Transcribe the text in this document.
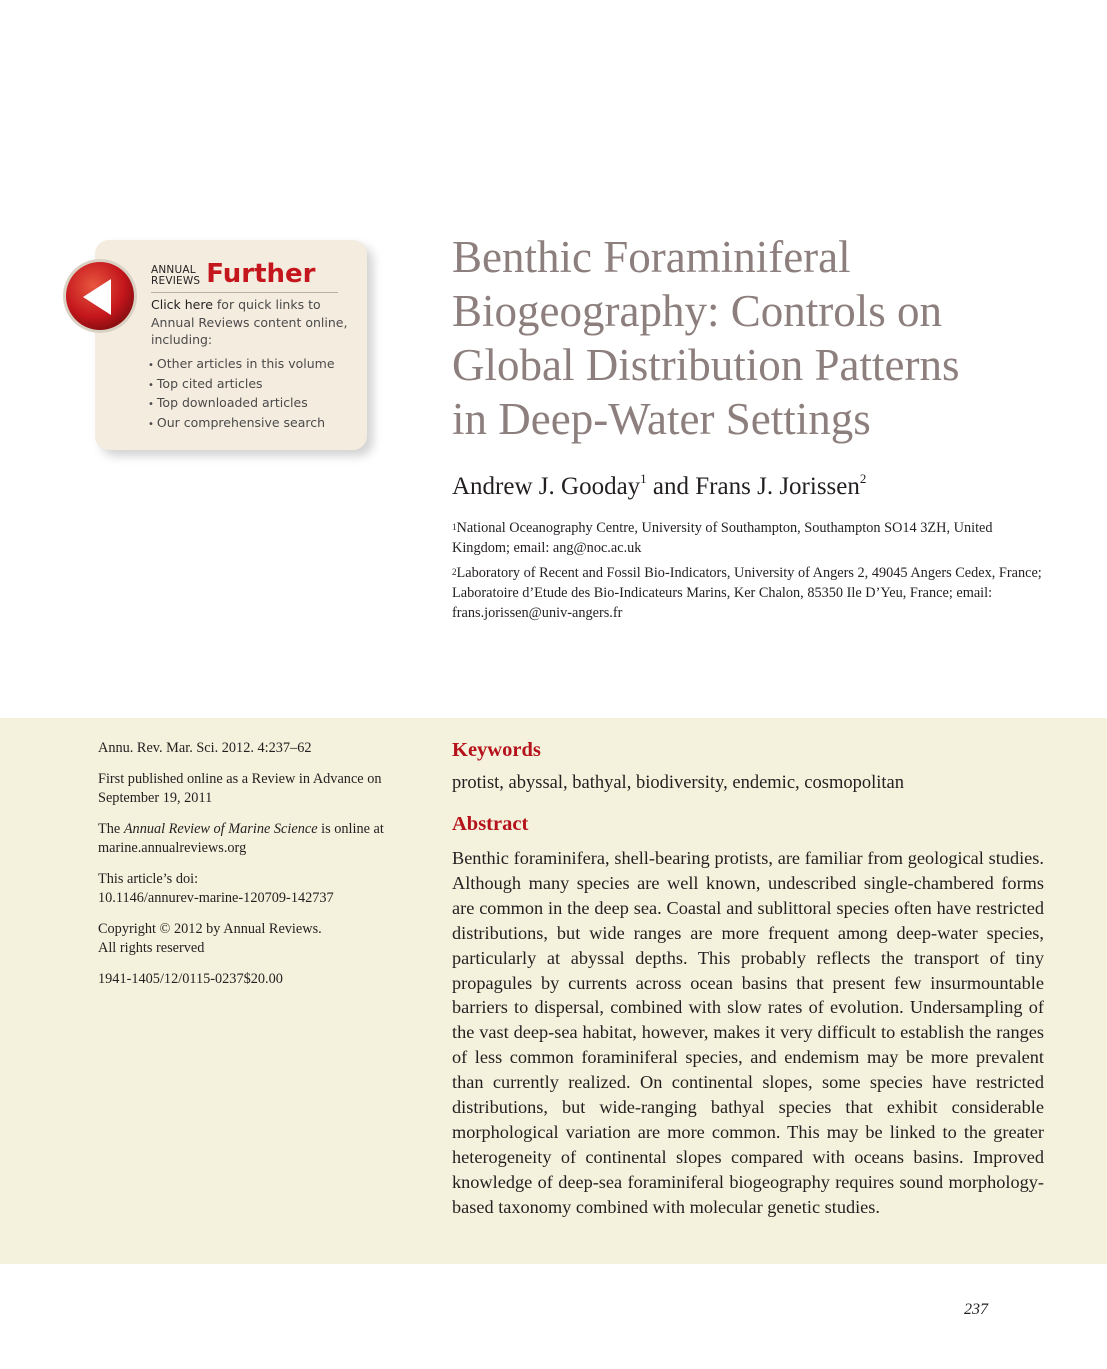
ANNUAL
REVIEWS Further
Click here for quick links to Annual Reviews content online, including:
• Other articles in this volume
• Top cited articles
• Top downloaded articles
• Our comprehensive search
Benthic Foraminiferal
Biogeography: Controls on
Global Distribution Patterns
in Deep-Water Settings
Andrew J. Gooday$^1$ and Frans J. Jorissen$^2$
$^1$National Oceanography Centre, University of Southampton, Southampton SO14 3ZH, United Kingdom; email: ang@noc.ac.uk
$^2$Laboratory of Recent and Fossil Bio-Indicators, University of Angers 2, 49045 Angers Cedex, France; Laboratoire d’Etude des Bio-Indicateurs Marins, Ker Chalon, 85350 Ile D’Yeu, France; email: frans.jorissen@univ-angers.fr

Annu. Rev. Mar. Sci. 2012. 4:237–62

First published online as a Review in Advance on September 19, 2011

The Annual Review of Marine Science is online at marine.annualreviews.org

This article’s doi:
10.1146/annurev-marine-120709-142737

Copyright © 2012 by Annual Reviews.
All rights reserved

1941-1405/12/0115-0237$20.00

Keywords
protist, abyssal, bathyal, biodiversity, endemic, cosmopolitan
Abstract

Benthic foraminifera, shell-bearing protists, are familiar from geological studies. Although many species are well known, undescribed single-chambered forms are common in the deep sea. Coastal and sublittoral species often have restricted distributions, but wide ranges are more frequent among deep-water species, particularly at abyssal depths. This probably reflects the transport of tiny propagules by currents across ocean basins that present few insurmountable barriers to dispersal, combined with slow rates of evolution. Undersampling of the vast deep-sea habitat, however, makes it very difficult to establish the ranges of less common foraminiferal species, and endemism may be more prevalent than currently realized. On continental slopes, some species have restricted distributions, but wide-ranging bathyal species that exhibit considerable morphological variation are more common. This may be linked to the greater heterogeneity of continental slopes compared with oceans basins. Improved knowledge of deep-sea foraminiferal biogeography requires sound morphology-based taxonomy combined with molecular genetic studies.

237
